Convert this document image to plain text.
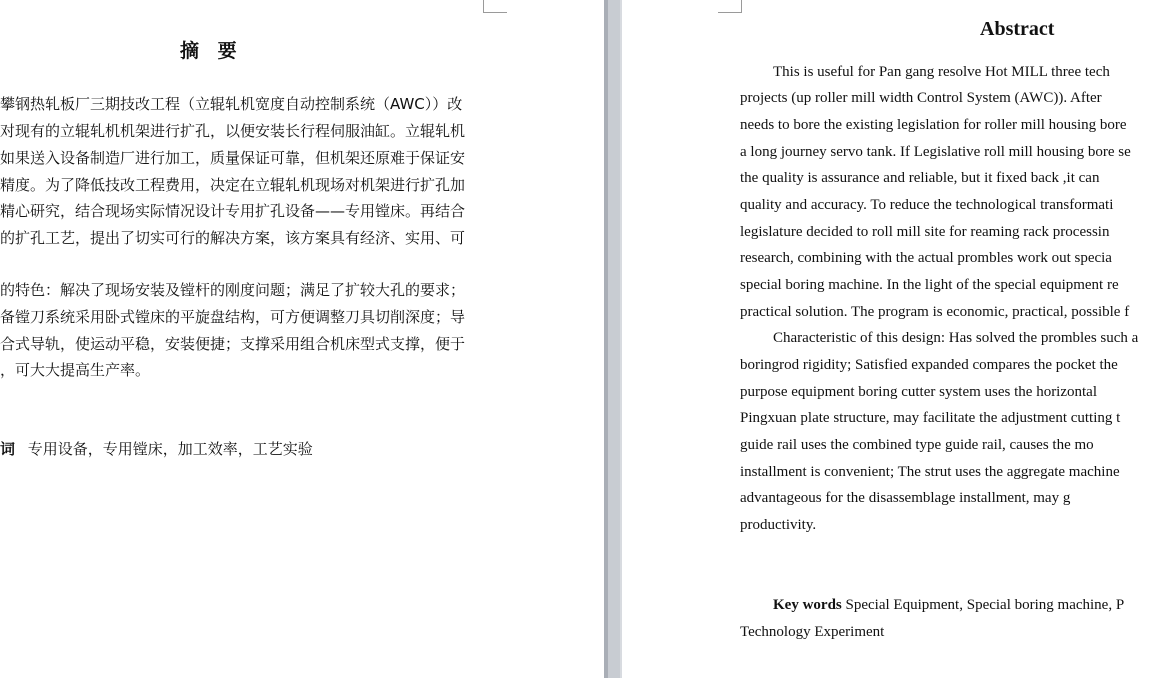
摘 要
攀钢热轧板厂三期技改工程（立辊轧机宽度自动控制系统（AWC））改
对现有的立辊轧机机架进行扩孔，以便安装长行程伺服油缸。立辊轧机
如果送入设备制造厂进行加工，质量保证可靠，但机架还原难于保证安
精度。为了降低技改工程费用，决定在立辊轧机现场对机架进行扩孔加
精心研究，结合现场实际情况设计专用扩孔设备——专用镗床。再结合
的扩孔工艺，提出了切实可行的解决方案，该方案具有经济、实用、可
的特色：解决了现场安装及镗杆的刚度问题；满足了扩较大孔的要求；
备镗刀系统采用卧式镗床的平旋盘结构，可方便调整刀具切削深度；导
合式导轨，使运动平稳，安装便捷；支撑采用组合机床型式支撑，便于
，可大大提高生产率。
词 专用设备，专用镗床，加工效率，工艺实验
Abstract
This is useful for Pan gang resolve Hot MILL three tech
projects (up roller mill width Control System (AWC)). After
needs to bore the existing legislation for roller mill housing bore
a long journey servo tank. If Legislative roll mill housing bore se
the quality is assurance and reliable, but it fixed back ,it can
quality and accuracy. To reduce the technological transformati
legislature decided to roll mill site for reaming rack processin
research, combining with the actual prombles work out specia
special boring machine. In the light of the special equipment re
practical solution. The program is economic, practical, possible f
Characteristic of this design: Has solved the prombles such a
boringrod rigidity; Satisfied expanded compares the pocket the
purpose equipment boring cutter system uses the horizontal
Pingxuan plate structure, may facilitate the adjustment cutting t
guide rail uses the combined type guide rail, causes the mo
installment is convenient; The strut uses the aggregate machine
advantageous for the disassemblage installment, may g
productivity.
Key words Special Equipment, Special boring machine, P
Technology Experiment
